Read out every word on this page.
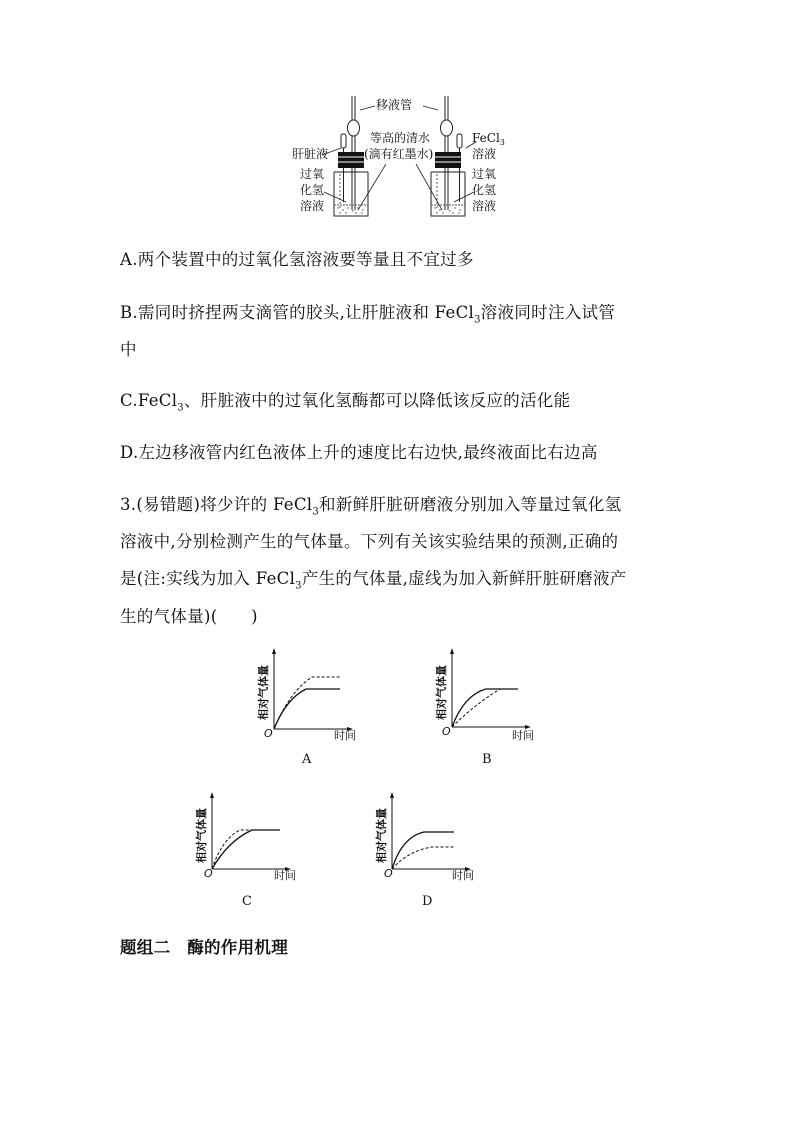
移液管
等高的清水
(滴有红墨水)
肝脏液
FeCl$_3$
溶液
过氧
化氢
溶液
过氧
化氢
溶液
A.两个装置中的过氧化氢溶液要等量且不宜过多
B.需同时挤捏两支滴管的胶头,让肝脏液和 FeCl$_3$溶液同时注入试管
中
C.FeCl$_3$、肝脏液中的过氧化氢酶都可以降低该反应的活化能
D.左边移液管内红色液体上升的速度比右边快,最终液面比右边高
3.(易错题)将少许的 FeCl$_3$和新鲜肝脏研磨液分别加入等量过氧化氢
溶液中,分别检测产生的气体量。下列有关该实验结果的预测,正确的
是(注:实线为加入 FeCl$_3$产生的气体量,虚线为加入新鲜肝脏研磨液产
生的气体量)(　　)
相对气体量
O	时间
A
相对气体量
O	时间
B
相对气体量
O	时间
C
相对气体量
O	时间
D
题组二　酶的作用机理
